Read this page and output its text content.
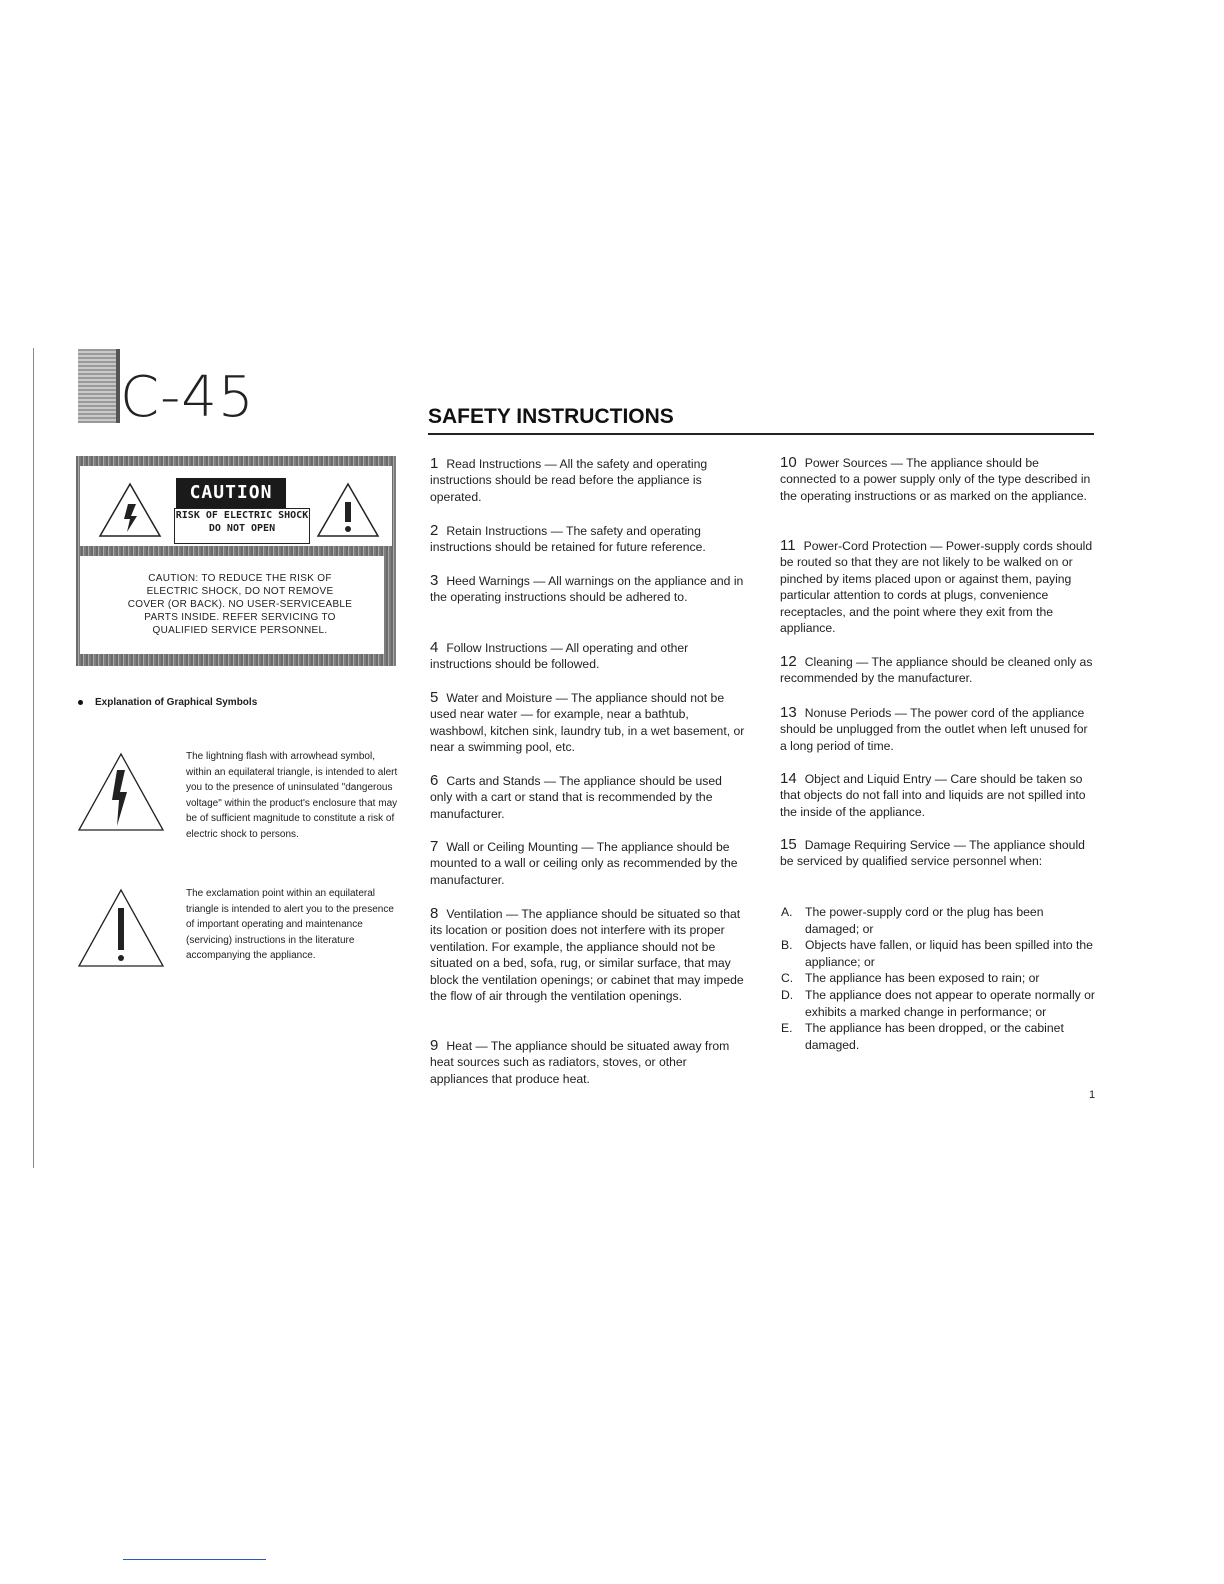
C-45	SAFETY INSTRUCTIONS
CAUTION
RISK OF ELECTRIC SHOCK
DO NOT OPEN
CAUTION: TO REDUCE THE RISK OF
ELECTRIC SHOCK, DO NOT REMOVE
COVER (OR BACK). NO USER-SERVICEABLE
PARTS INSIDE. REFER SERVICING TO
QUALIFIED SERVICE PERSONNEL.
Explanation of Graphical Symbols
The lightning flash with arrowhead symbol, within an equilateral triangle, is intended to alert you to the presence of uninsulated "dangerous voltage" within the product's enclosure that may be of sufficient magnitude to constitute a risk of electric shock to persons.
The exclamation point within an equilateral triangle is intended to alert you to the presence of important operating and maintenance (servicing) instructions in the literature accompanying the appliance.
1 Read Instructions — All the safety and operating instructions should be read before the appliance is operated.
2 Retain Instructions — The safety and operating instructions should be retained for future reference.
3 Heed Warnings — All warnings on the appliance and in the operating instructions should be adhered to.
4 Follow Instructions — All operating and other instructions should be followed.
5 Water and Moisture — The appliance should not be used near water — for example, near a bathtub, washbowl, kitchen sink, laundry tub, in a wet basement, or near a swimming pool, etc.
6 Carts and Stands — The appliance should be used only with a cart or stand that is recommended by the manufacturer.
7 Wall or Ceiling Mounting — The appliance should be mounted to a wall or ceiling only as recommended by the manufacturer.
8 Ventilation — The appliance should be situated so that its location or position does not interfere with its proper ventilation. For example, the appliance should not be situated on a bed, sofa, rug, or similar surface, that may block the ventilation openings; or cabinet that may impede the flow of air through the ventilation openings.
9 Heat — The appliance should be situated away from heat sources such as radiators, stoves, or other appliances that produce heat.
10 Power Sources — The appliance should be connected to a power supply only of the type described in the operating instructions or as marked on the appliance.
11 Power-Cord Protection — Power-supply cords should be routed so that they are not likely to be walked on or pinched by items placed upon or against them, paying particular attention to cords at plugs, convenience receptacles, and the point where they exit from the appliance.
12 Cleaning — The appliance should be cleaned only as recommended by the manufacturer.
13 Nonuse Periods — The power cord of the appliance should be unplugged from the outlet when left unused for a long period of time.
14 Object and Liquid Entry — Care should be taken so that objects do not fall into and liquids are not spilled into the inside of the appliance.
15 Damage Requiring Service — The appliance should be serviced by qualified service personnel when:
A.	The power-supply cord or the plug has been damaged; or
B.	Objects have fallen, or liquid has been spilled into the appliance; or
C. The appliance has been exposed to rain; or
D. The appliance does not appear to operate normally or exhibits a marked change in performance; or
E.	The appliance has been dropped, or the cabinet damaged.
1
